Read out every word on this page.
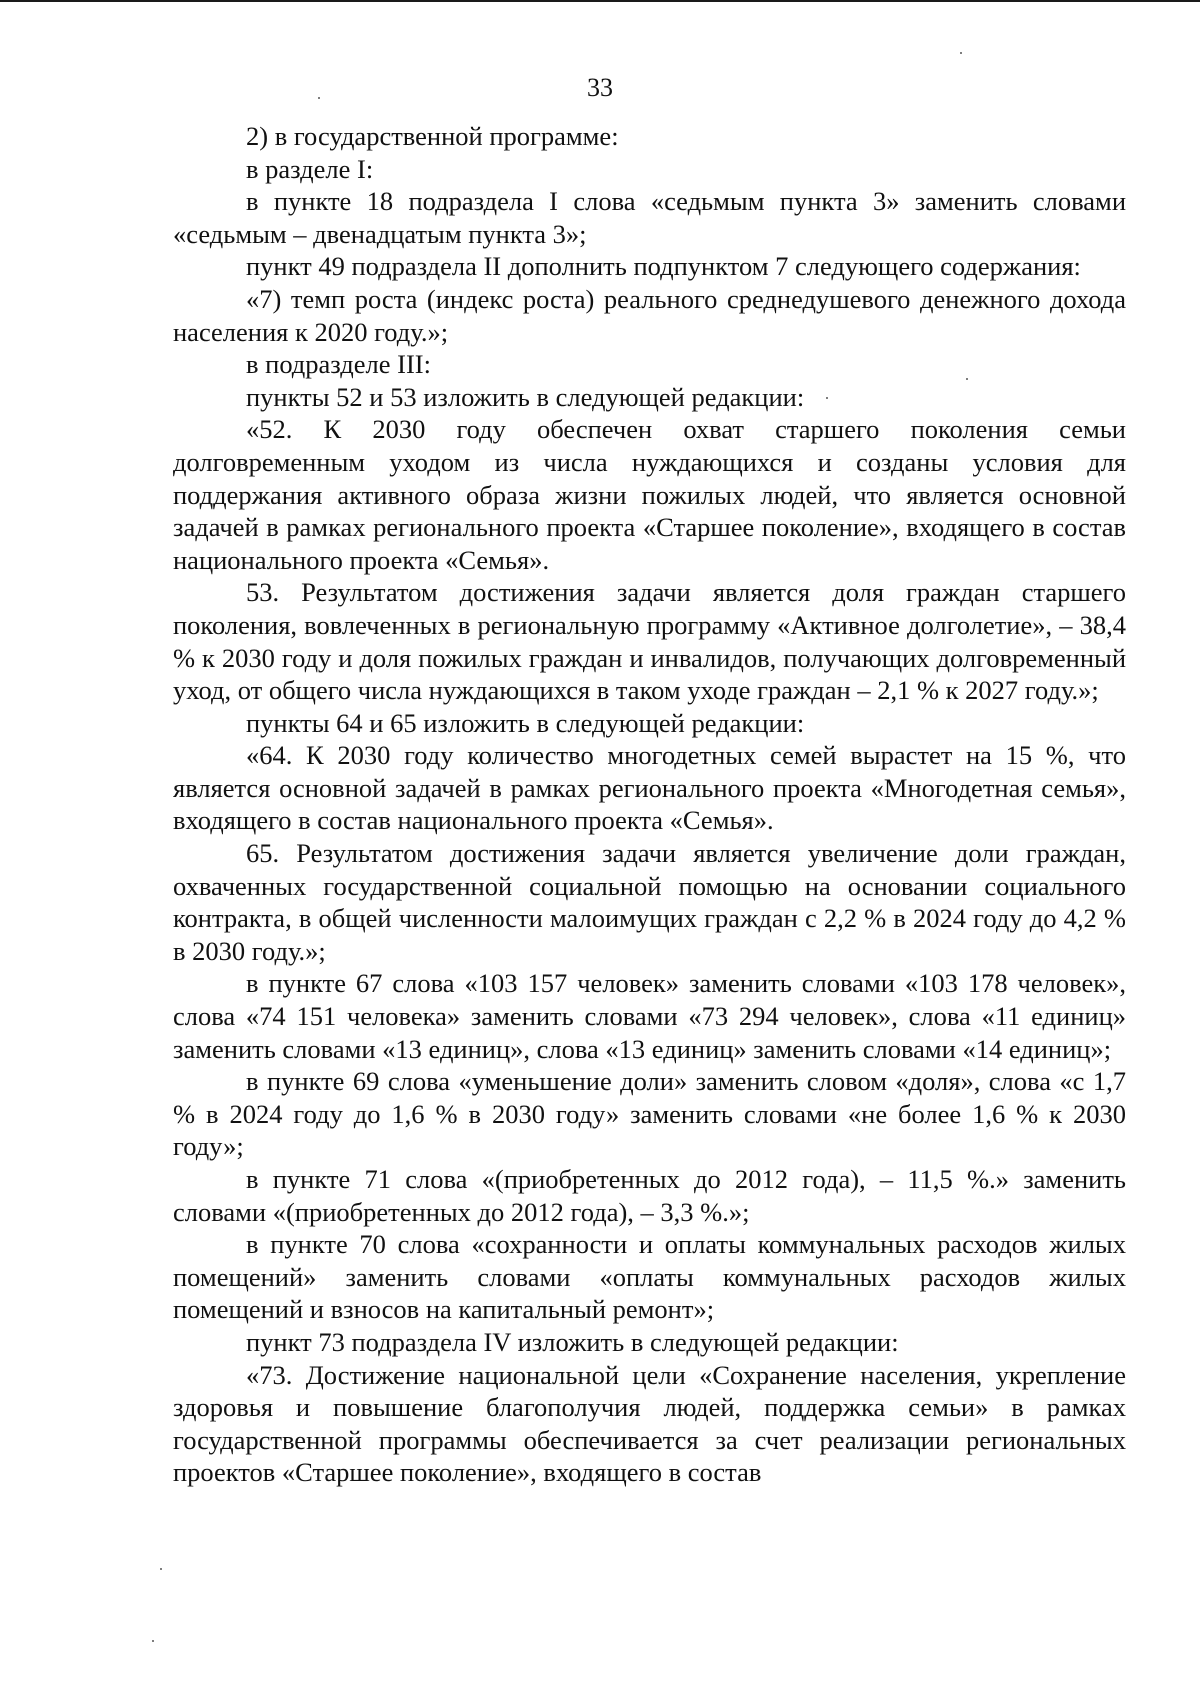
33

2) в государственной программе:

в разделе I:

в пункте 18 подраздела I слова «седьмым пункта 3» заменить словами «седьмым – двенадцатым пункта 3»;

пункт 49 подраздела II дополнить подпунктом 7 следующего содержания:

«7) темп роста (индекс роста) реального среднедушевого денежного дохода населения к 2020 году.»;

в подразделе III:

пункты 52 и 53 изложить в следующей редакции:

«52. К 2030 году обеспечен охват старшего поколения семьи долговременным уходом из числа нуждающихся и созданы условия для поддержания активного образа жизни пожилых людей, что является основной задачей в рамках регионального проекта «Старшее поколение», входящего в состав национального проекта «Семья».

53. Результатом достижения задачи является доля граждан старшего поколения, вовлеченных в региональную программу «Активное долголетие», – 38,4 % к 2030 году и доля пожилых граждан и инвалидов, получающих долговременный уход, от общего числа нуждающихся в таком уходе граждан – 2,1 % к 2027 году.»;

пункты 64 и 65 изложить в следующей редакции:

«64. К 2030 году количество многодетных семей вырастет на 15 %, что является основной задачей в рамках регионального проекта «Многодетная семья», входящего в состав национального проекта «Семья».

65. Результатом достижения задачи является увеличение доли граждан, охваченных государственной социальной помощью на основании социального контракта, в общей численности малоимущих граждан с 2,2 % в 2024 году до 4,2 % в 2030 году.»;

в пункте 67 слова «103 157 человек» заменить словами «103 178 человек», слова «74 151 человека» заменить словами «73 294 человек», слова «11 единиц» заменить словами «13 единиц», слова «13 единиц» заменить словами «14 единиц»;

в пункте 69 слова «уменьшение доли» заменить словом «доля», слова «с 1,7 % в 2024 году до 1,6 % в 2030 году» заменить словами «не более 1,6 % к 2030 году»;

в пункте 71 слова «(приобретенных до 2012 года), – 11,5 %.» заменить словами «(приобретенных до 2012 года), – 3,3 %.»;

в пункте 70 слова «сохранности и оплаты коммунальных расходов жилых помещений» заменить словами «оплаты коммунальных расходов жилых помещений и взносов на капитальный ремонт»;

пункт 73 подраздела IV изложить в следующей редакции:

«73. Достижение национальной цели «Сохранение населения, укрепление здоровья и повышение благополучия людей, поддержка семьи» в рамках государственной программы обеспечивается за счет реализации региональных проектов «Старшее поколение», входящего в состав
